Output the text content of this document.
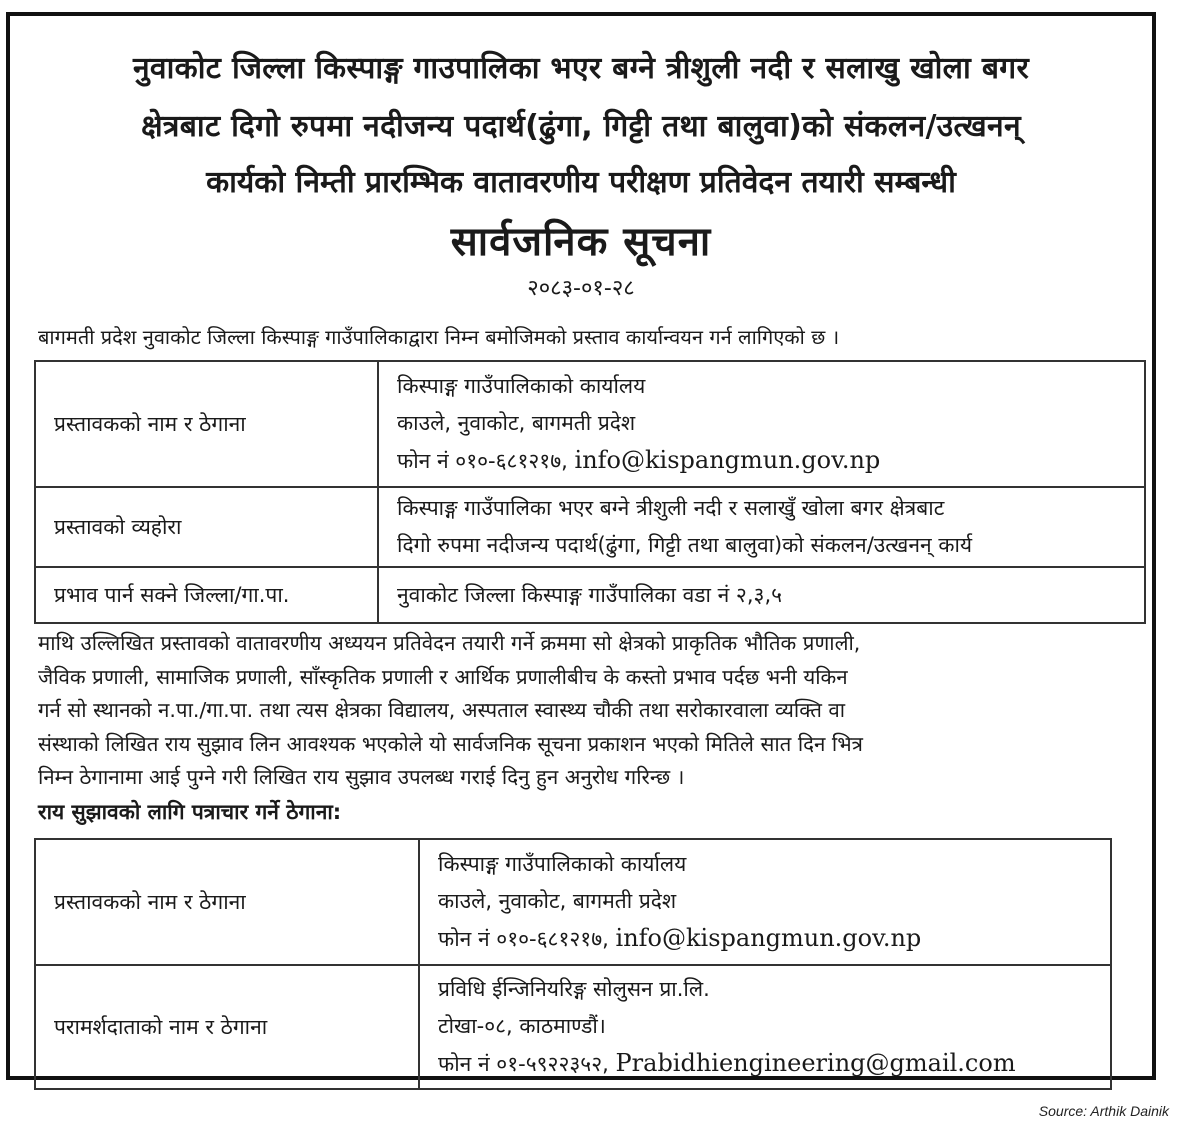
नुवाकोट जिल्ला किस्पाङ्ग गाउपालिका भएर बग्ने त्रीशुली नदी र सलाखु खोला बगर
क्षेत्रबाट दिगो रुपमा नदीजन्य पदार्थ(ढुंगा, गिट्टी तथा बालुवा)को संकलन/उत्खनन्
कार्यको निम्ती प्रारम्भिक वातावरणीय परीक्षण प्रतिवेदन तयारी सम्बन्धी
सार्वजनिक सूचना
२०८३-०१-२८
बागमती प्रदेश नुवाकोट जिल्ला किस्पाङ्ग गाउँपालिकाद्वारा निम्न बमोजिमको प्रस्ताव कार्यान्वयन गर्न लागिएको छ ।
प्रस्तावकको नाम र ठेगाना	किस्पाङ्ग गाउँपालिकाको कार्यालय
काउले, नुवाकोट, बागमती प्रदेश
फोन नं ०१०-६८१२१७, info@kispangmun.gov.np

प्रस्तावको व्यहोरा	किस्पाङ्ग गाउँपालिका भएर बग्ने त्रीशुली नदी र सलाखुँ खोला बगर क्षेत्रबाट
दिगो रुपमा नदीजन्य पदार्थ(ढुंगा, गिट्टी तथा बालुवा)को संकलन/उत्खनन् कार्य

प्रभाव पार्न सक्ने जिल्ला/गा.पा.	नुवाकोट जिल्ला किस्पाङ्ग गाउँपालिका वडा नं २,३,५
माथि उल्लिखित प्रस्तावको वातावरणीय अध्ययन प्रतिवेदन तयारी गर्ने क्रममा सो क्षेत्रको प्राकृतिक भौतिक प्रणाली,
जैविक प्रणाली, सामाजिक प्रणाली, साँस्कृतिक प्रणाली र आर्थिक प्रणालीबीच के कस्तो प्रभाव पर्दछ भनी यकिन
गर्न सो स्थानको न.पा./गा.पा. तथा त्यस क्षेत्रका विद्यालय, अस्पताल स्वास्थ्य चौकी तथा सरोकारवाला व्यक्ति वा
संस्थाको लिखित राय सुझाव लिन आवश्यक भएकोले यो सार्वजनिक सूचना प्रकाशन भएको मितिले सात दिन भित्र
निम्न ठेगानामा आई पुग्ने गरी लिखित राय सुझाव उपलब्ध गराई दिनु हुन अनुरोध गरिन्छ ।
राय सुझावको लागि पत्राचार गर्ने ठेगाना:
प्रस्तावकको नाम र ठेगाना	किस्पाङ्ग गाउँपालिकाको कार्यालय
काउले, नुवाकोट, बागमती प्रदेश
फोन नं ०१०-६८१२१७, info@kispangmun.gov.np

परामर्शदाताको नाम र ठेगाना	प्रविधि ईन्जिनियरिङ्ग सोलुसन प्रा.लि.
टोखा-०८, काठमाण्डौं।
फोन नं ०१-५९२२३५२, Prabidhiengineering@gmail.com
Source: Arthik Dainik
